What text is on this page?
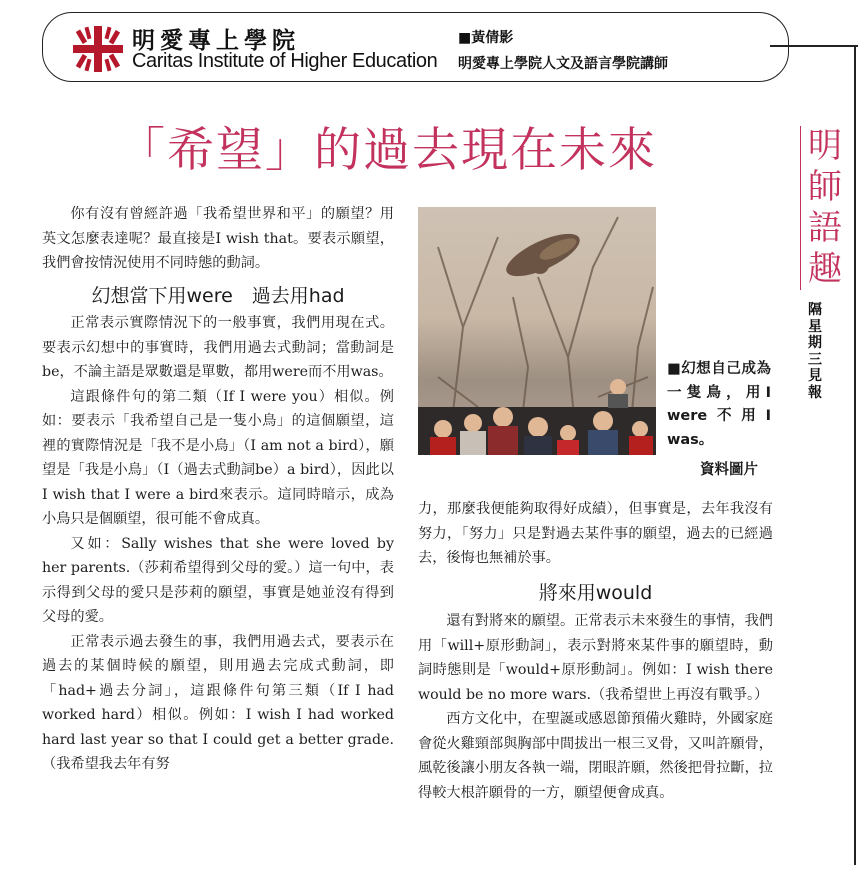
明愛專上學院
Caritas Institute of Higher Education
■黃倩影
明愛專上學院人文及語言學院講師
「希望」的過去現在未來	明師語趣
隔星期三見報

你有沒有曾經許過「我希望世界和平」的願望？用英文怎麼表達呢？最直接是I wish that。要表示願望，我們會按情況使用不同時態的動詞。

幻想當下用were　過去用had

正常表示實際情況下的一般事實，我們用現在式。要表示幻想中的事實時，我們用過去式動詞；當動詞是be，不論主語是眾數還是單數，都用were而不用was。

這跟條件句的第二類（If I were you）相似。例如：要表示「我希望自己是一隻小鳥」的這個願望，這裡的實際情況是「我不是小鳥」（I am not a bird），願望是「我是小鳥」（I（過去式動詞be）a bird），因此以I wish that I were a bird來表示。這同時暗示，成為小鳥只是個願望，很可能不會成真。

又如：Sally wishes that she were loved by her parents.（莎莉希望得到父母的愛。）這一句中，表示得到父母的愛只是莎莉的願望，事實是她並沒有得到父母的愛。

正常表示過去發生的事，我們用過去式，要表示在過去的某個時候的願望，則用過去完成式動詞，即「had+過去分詞」，這跟條件句第三類（If I had worked hard）相似。例如：I wish I had worked hard last year so that I could get a better grade.（我希望我去年有努

■幻想自己成為一隻鳥，用I were不用I was。
資料圖片

力，那麼我便能夠取得好成績），但事實是，去年我沒有努力，「努力」只是對過去某件事的願望，過去的已經過去，後悔也無補於事。

將來用would

還有對將來的願望。正常表示未來發生的事情，我們用「will+原形動詞」，表示對將來某件事的願望時，動詞時態則是「would+原形動詞」。例如：I wish there would be no more wars.（我希望世上再沒有戰爭。）

西方文化中，在聖誕或感恩節預備火雞時，外國家庭會從火雞頸部與胸部中間拔出一根三叉骨，又叫許願骨，風乾後讓小朋友各執一端，閉眼許願，然後把骨拉斷，拉得較大根許願骨的一方，願望便會成真。
